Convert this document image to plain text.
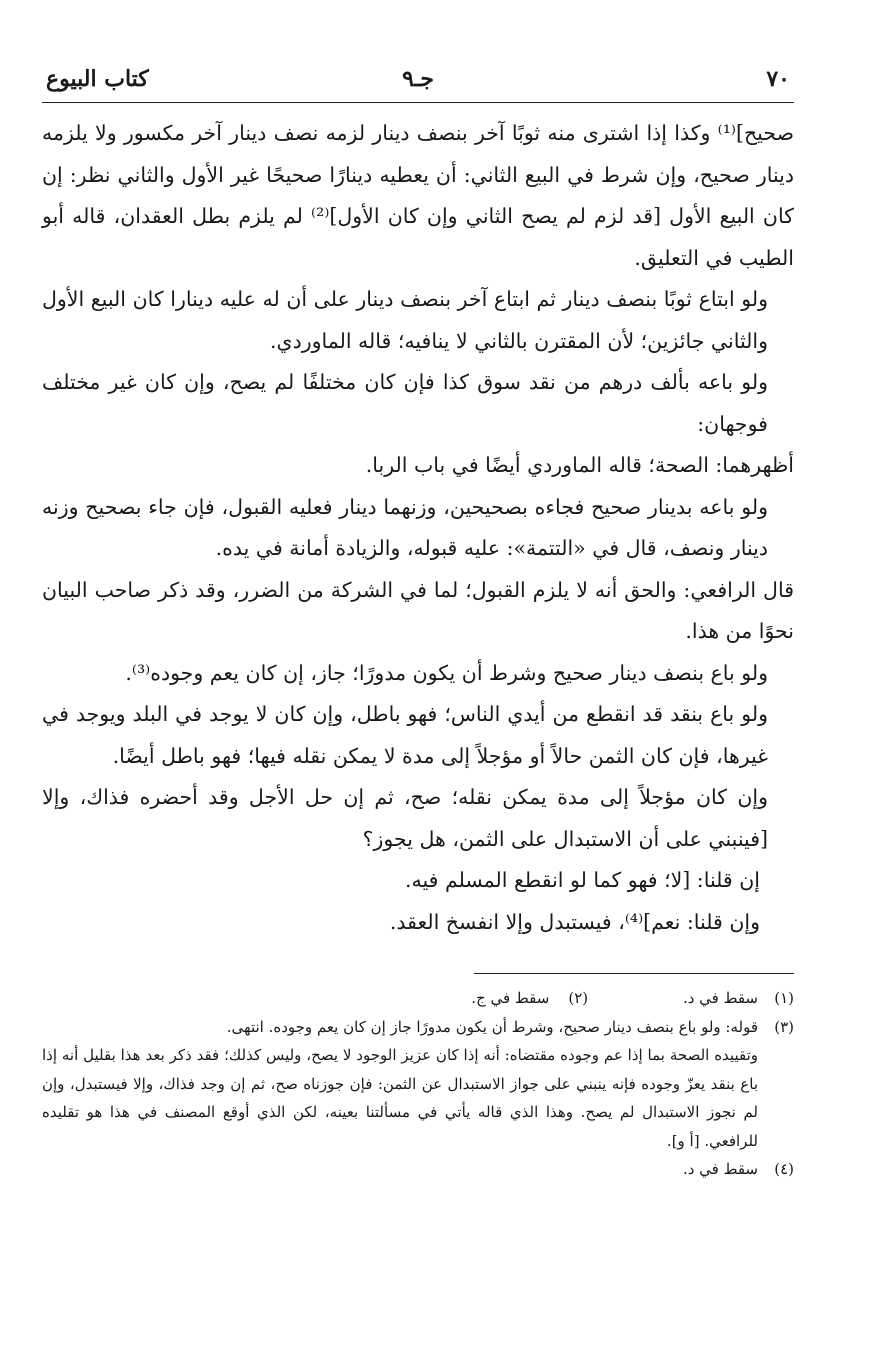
٧٠
جـ٩
كتاب البيوع

صحيح]⁽¹⁾ وكذا إذا اشترى منه ثوبًا آخر بنصف دينار لزمه نصف دينار آخر مكسور ولا يلزمه دينار صحيح، وإن شرط في البيع الثاني: أن يعطيه دينارًا صحيحًا غير الأول والثاني نظر: إن كان البيع الأول [قد لزم لم يصح الثاني وإن كان الأول]⁽²⁾ لم يلزم بطل العقدان، قاله أبو الطيب في التعليق.

ولو ابتاع ثوبًا بنصف دينار ثم ابتاع آخر بنصف دينار على أن له عليه دينارا كان البيع الأول والثاني جائزين؛ لأن المقترن بالثاني لا ينافيه؛ قاله الماوردي.

ولو باعه بألف درهم من نقد سوق كذا فإن كان مختلفًا لم يصح، وإن كان غير مختلف فوجهان:

أظهرهما: الصحة؛ قاله الماوردي أيضًا في باب الربا.

ولو باعه بدينار صحيح فجاءه بصحيحين، وزنهما دينار فعليه القبول، فإن جاء بصحيح وزنه دينار ونصف، قال في «التتمة»: عليه قبوله، والزيادة أمانة في يده.

قال الرافعي: والحق أنه لا يلزم القبول؛ لما في الشركة من الضرر، وقد ذكر صاحب البيان نحوًا من هذا.

ولو باع بنصف دينار صحيح وشرط أن يكون مدورًا؛ جاز، إن كان يعم وجوده⁽³⁾.

ولو باع بنقد قد انقطع من أيدي الناس؛ فهو باطل، وإن كان لا يوجد في البلد ويوجد في غيرها، فإن كان الثمن حالاً أو مؤجلاً إلى مدة لا يمكن نقله فيها؛ فهو باطل أيضًا.

وإن كان مؤجلاً إلى مدة يمكن نقله؛ صح، ثم إن حل الأجل وقد أحضره فذاك، وإلا [فينبني على أن الاستبدال على الثمن، هل يجوز؟

إن قلنا: [لا؛ فهو كما لو انقطع المسلم فيه.

وإن قلنا: نعم]⁽⁴⁾، فيستبدل وإلا انفسخ العقد.

(١)
سقط في د. (٢)    سقط في ج.
(٣)
قوله: ولو باع بنصف دينار صحيح، وشرط أن يكون مدورًا جاز إن كان يعم وجوده. انتهى.
وتقييده الصحة بما إذا عم وجوده مقتضاه: أنه إذا كان عزيز الوجود لا يصح، وليس كذلك؛ فقد ذكر بعد هذا بقليل أنه إذا باع بنقد يعزّ وجوده فإنه ينبني على جواز الاستبدال عن الثمن: فإن جوزناه صح، ثم إن وجد فذاك، وإلا فيستبدل، وإن لم نجوز الاستبدال لم يصح. وهذا الذي قاله يأتي في مسألتنا بعينه، لكن الذي أوقع المصنف في هذا هو تقليده للرافعي. [أ و].
(٤)
سقط في د.
